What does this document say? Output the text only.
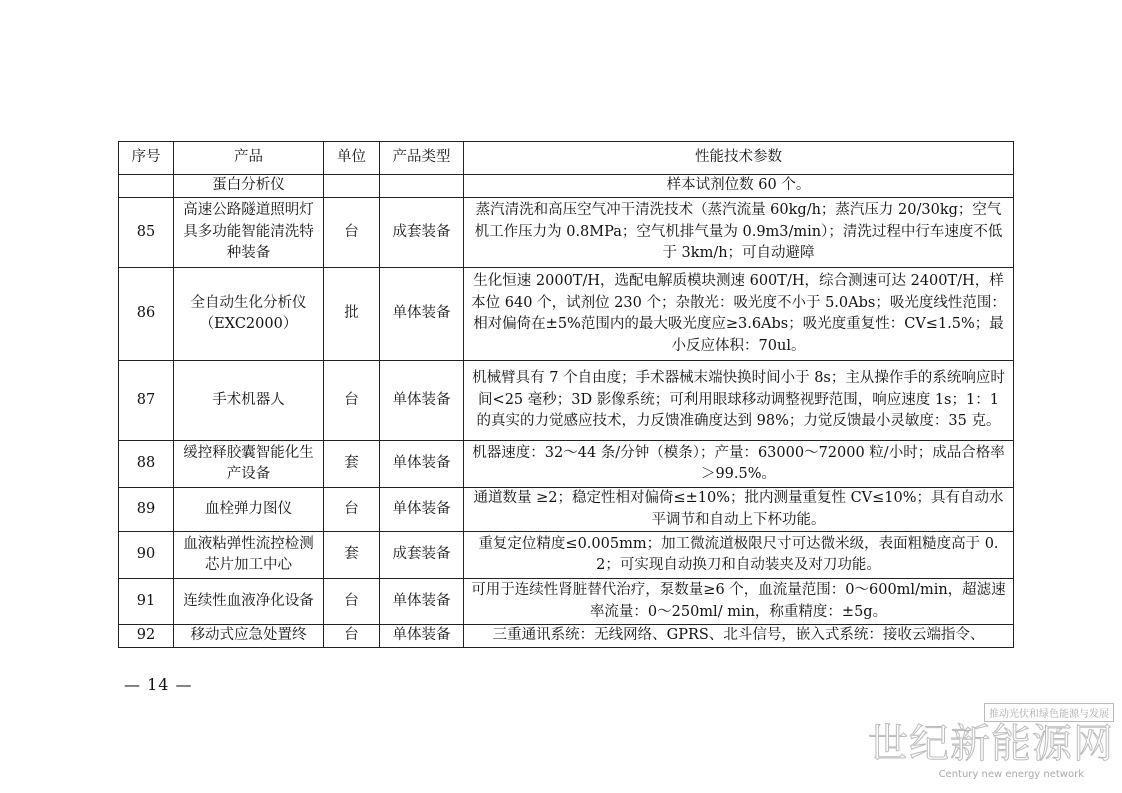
序号	产品	单位	产品类型	性能技术参数
	蛋白分析仪			样本试剂位数 60 个。
85	高速公路隧道照明灯具多功能智能清洗特种装备	台	成套装备	蒸汽清洗和高压空气冲干清洗技术（蒸汽流量 60kg/h；蒸汽压力 20/30kg；空气机工作压力为 0.8MPa；空气机排气量为 0.9m3/min）；清洗过程中行车速度不低于 3km/h；可自动避障
86	全自动生化分析仪（EXC2000）	批	单体装备	生化恒速 2000T/H，选配电解质模块测速 600T/H，综合测速可达 2400T/H，样本位 640 个，试剂位 230 个；杂散光：吸光度不小于 5.0Abs；吸光度线性范围：相对偏倚在±5%范围内的最大吸光度应≥3.6Abs；吸光度重复性：CV≤1.5%；最小反应体积：70ul。
87	手术机器人	台	单体装备	机械臂具有 7 个自由度；手术器械末端快换时间小于 8s；主从操作手的系统响应时间<25 毫秒；3D 影像系统；可利用眼球移动调整视野范围，响应速度 1s；1：1 的真实的力觉感应技术，力反馈准确度达到 98%；力觉反馈最小灵敏度：35 克。
88	缓控释胶囊智能化生产设备	套	单体装备	机器速度：32～44 条/分钟（模条）；产量：63000～72000 粒/小时；成品合格率＞99.5%。
89	血栓弹力图仪	台	单体装备	通道数量 ≥2；稳定性相对偏倚≤±10%；批内测量重复性 CV≤10%；具有自动水平调节和自动上下杯功能。
90	血液粘弹性流控检测芯片加工中心	套	成套装备	重复定位精度≤0.005mm；加工微流道极限尺寸可达微米级，表面粗糙度高于 0.2；可实现自动换刀和自动装夹及对刀功能。
91	连续性血液净化设备	台	单体装备	可用于连续性肾脏替代治疗，泵数量≥6 个，血流量范围：0～600ml/min，超滤速率流量：0～250ml/ min，称重精度：±5g。
92	移动式应急处置终	台	单体装备	三重通讯系统：无线网络、GPRS、北斗信号，嵌入式系统：接收云端指令、
— 14 —
推动光伏和绿色能源与发展
世纪新能源网
Century new energy network
